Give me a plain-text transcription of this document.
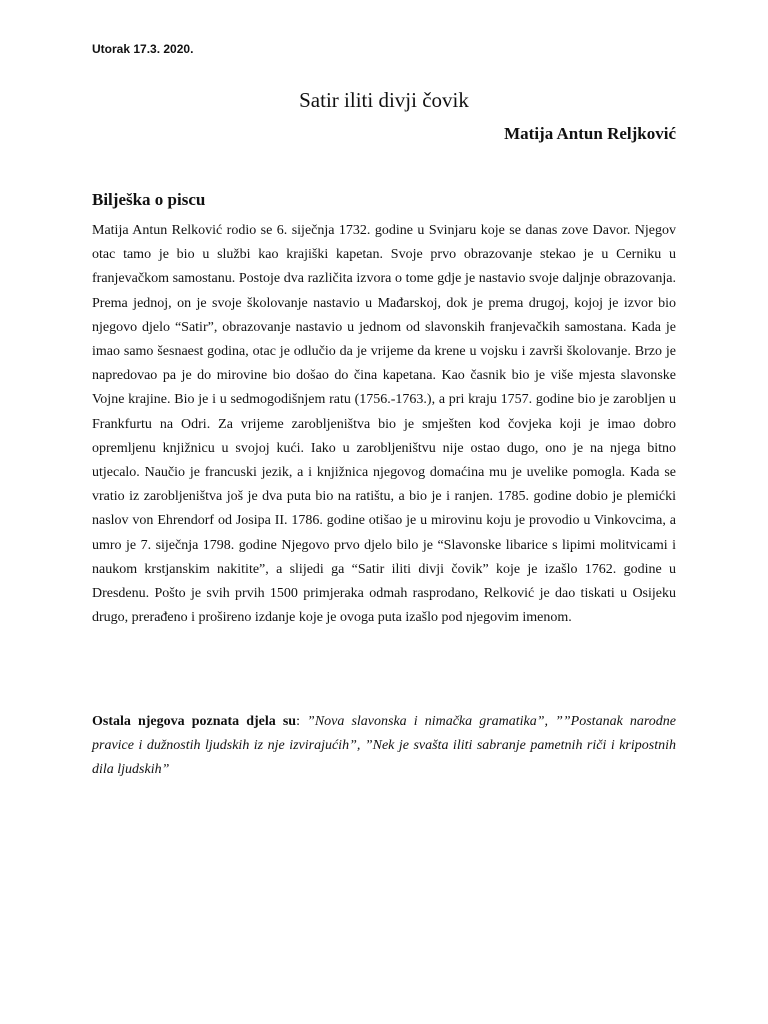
Utorak 17.3. 2020.
Satir iliti divji čovik
Matija Antun Reljković
Bilješka o piscu

Matija Antun Relković rodio se 6. siječnja 1732. godine u Svinjaru koje se danas zove Davor. Njegov otac tamo je bio u službi kao krajiški kapetan. Svoje prvo obrazovanje stekao je u Cerniku u franjevačkom samostanu. Postoje dva različita izvora o tome gdje je nastavio svoje daljnje obrazovanja. Prema jednoj, on je svoje školovanje nastavio u Mađarskoj, dok je prema drugoj, kojoj je izvor bio njegovo djelo “Satir”, obrazovanje nastavio u jednom od slavonskih franjevačkih samostana. Kada je imao samo šesnaest godina, otac je odlučio da je vrijeme da krene u vojsku i završi školovanje. Brzo je napredovao pa je do mirovine bio došao do čina kapetana. Kao časnik bio je više mjesta slavonske Vojne krajine. Bio je i u sedmogodišnjem ratu (1756.-1763.), a pri kraju 1757. godine bio je zarobljen u Frankfurtu na Odri. Za vrijeme zarobljeništva bio je smješten kod čovjeka koji je imao dobro opremljenu knjižnicu u svojoj kući. Iako u zarobljeništvu nije ostao dugo, ono je na njega bitno utjecalo. Naučio je francuski jezik, a i knjižnica njegovog domaćina mu je uvelike pomogla. Kada se vratio iz zarobljeništva još je dva puta bio na ratištu, a bio je i ranjen. 1785. godine dobio je plemićki naslov von Ehrendorf od Josipa II. 1786. godine otišao je u mirovinu koju je provodio u Vinkovcima, a umro je 7. siječnja 1798. godine Njegovo prvo djelo bilo je “Slavonske libarice s lipimi molitvicami i naukom krstjanskim nakitite”, a slijedi ga “Satir iliti divji čovik” koje je izašlo 1762. godine u Dresdenu. Pošto je svih prvih 1500 primjeraka odmah rasprodano, Relković je dao tiskati u Osijeku drugo, prerađeno i prošireno izdanje koje je ovoga puta izašlo pod njegovim imenom.

Ostala njegova poznata djela su: ”Nova slavonska i nimačka gramatika”, ””Postanak narodne pravice i dužnostih ljudskih iz nje izvirajućih”, ”Nek je svašta iliti sabranje pametnih riči i kripostnih dila ljudskih”
